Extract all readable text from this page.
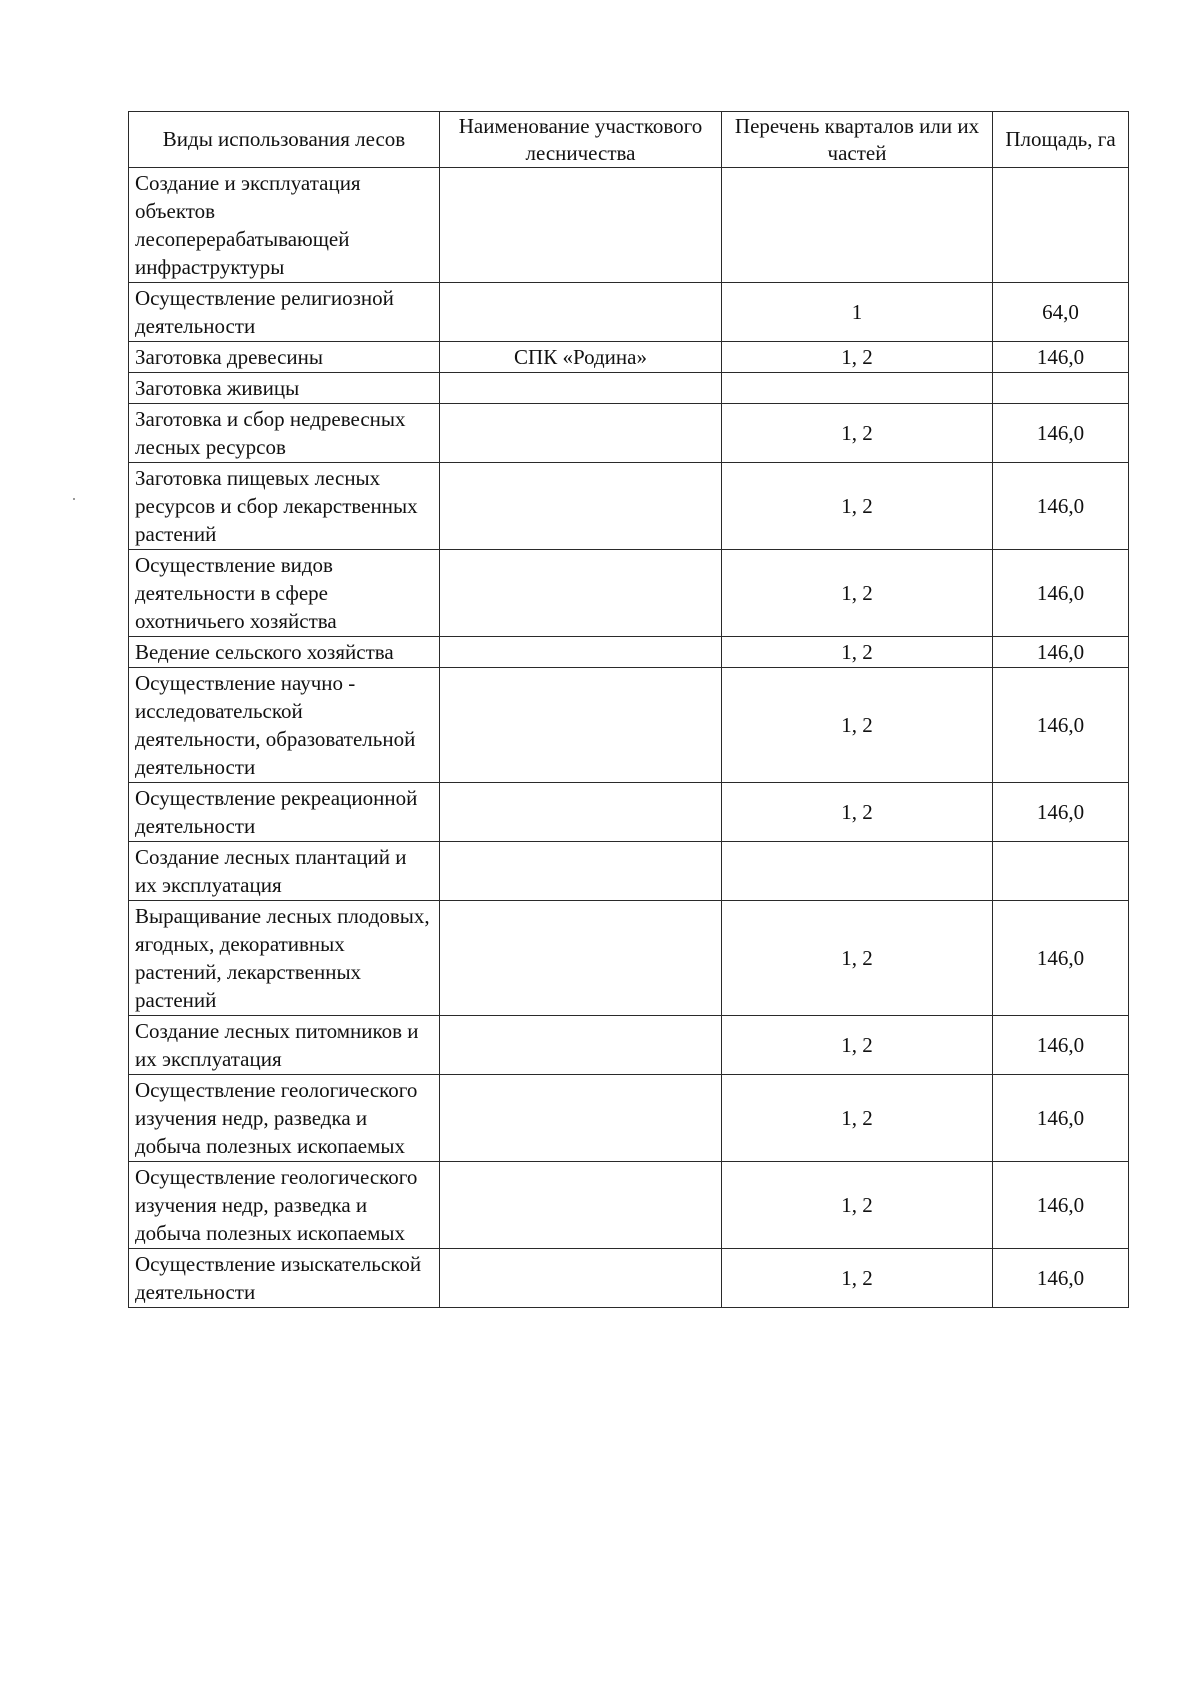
Виды использования лесов	Наименование участкового лесничества	Перечень кварталов или их частей	Площадь, га
Создание и эксплуатация объектов лесоперерабатывающей инфраструктуры			
Осуществление религиозной деятельности		1	64,0
Заготовка древесины	СПК «Родина»	1, 2	146,0
Заготовка живицы			
Заготовка и сбор недревесных лесных ресурсов		1, 2	146,0
Заготовка пищевых лесных ресурсов и сбор лекарственных растений		1, 2	146,0
Осуществление видов деятельности в сфере охотничьего хозяйства		1, 2	146,0
Ведение сельского хозяйства		1, 2	146,0
Осуществление научно - исследовательской деятельности, образовательной деятельности		1, 2	146,0
Осуществление рекреационной деятельности		1, 2	146,0
Создание лесных плантаций и их эксплуатация			
Выращивание лесных плодовых, ягодных, декоративных растений, лекарственных растений		1, 2	146,0
Создание лесных питомников и их эксплуатация		1, 2	146,0
Осуществление геологического изучения недр, разведка и добыча полезных ископаемых		1, 2	146,0
Осуществление геологического изучения недр, разведка и добыча полезных ископаемых		1, 2	146,0
Осуществление изыскательской деятельности		1, 2	146,0
